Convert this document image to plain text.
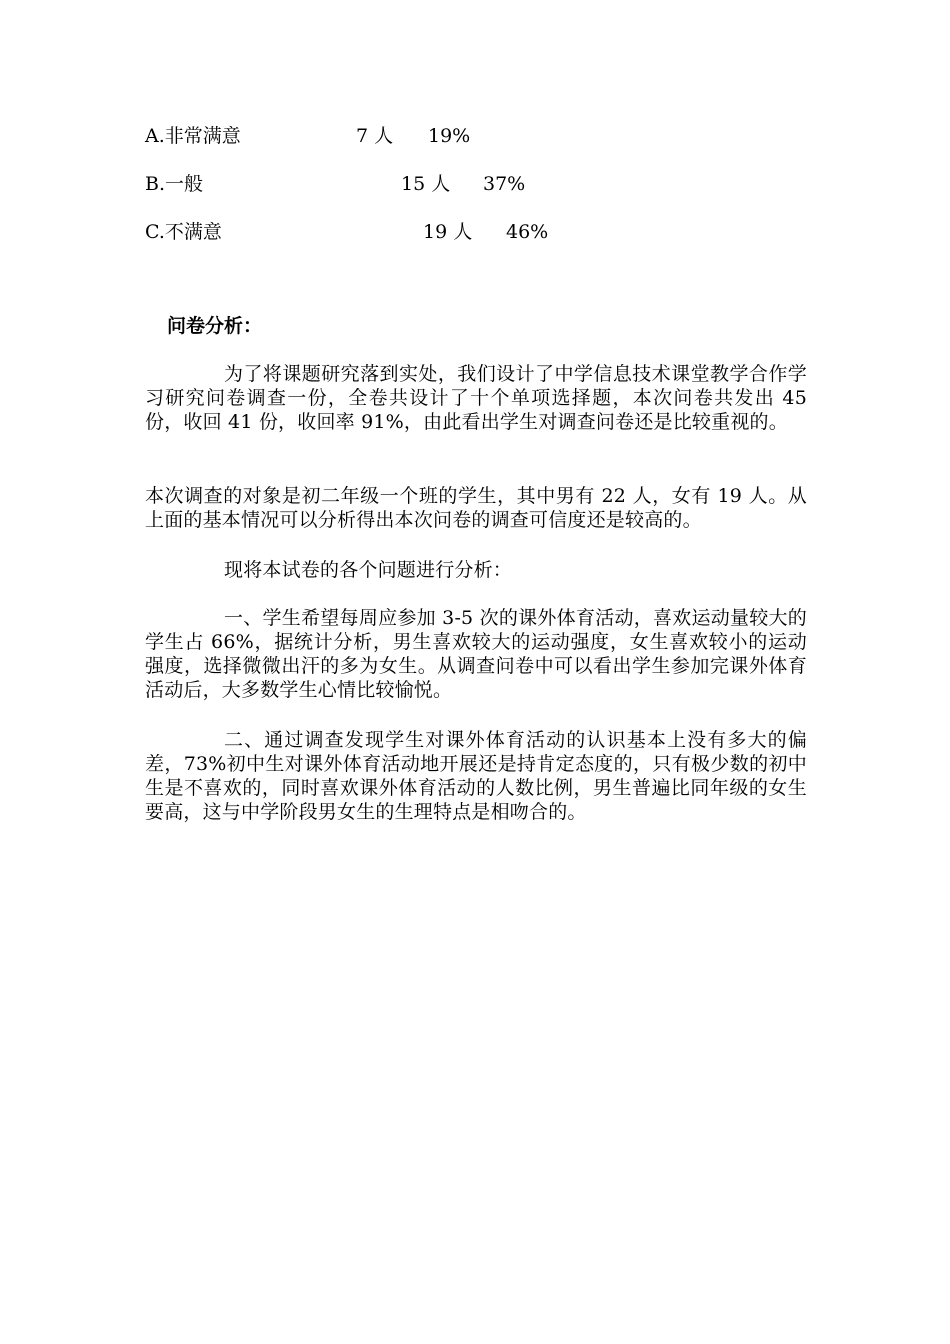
A.非常满意	7 人 19%
B.一般	15 人 37%
C.不满意	19 人 46%
问卷分析：
为了将课题研究落到实处，我们设计了中学信息技术课堂教学合作学习研究问卷调查一份，全卷共设计了十个单项选择题，本次问卷共发出 45 份，收回 41 份，收回率 91%，由此看出学生对调查问卷还是比较重视的。
本次调查的对象是初二年级一个班的学生，其中男有 22 人，女有 19 人。从上面的基本情况可以分析得出本次问卷的调查可信度还是较高的。
现将本试卷的各个问题进行分析：
一、学生希望每周应参加 3-5 次的课外体育活动，喜欢运动量较大的学生占 66%，据统计分析，男生喜欢较大的运动强度，女生喜欢较小的运动强度，选择微微出汗的多为女生。从调查问卷中可以看出学生参加完课外体育活动后，大多数学生心情比较愉悦。
二、通过调查发现学生对课外体育活动的认识基本上没有多大的偏差，73%初中生对课外体育活动地开展还是持肯定态度的，只有极少数的初中生是不喜欢的，同时喜欢课外体育活动的人数比例，男生普遍比同年级的女生要高，这与中学阶段男女生的生理特点是相吻合的。
